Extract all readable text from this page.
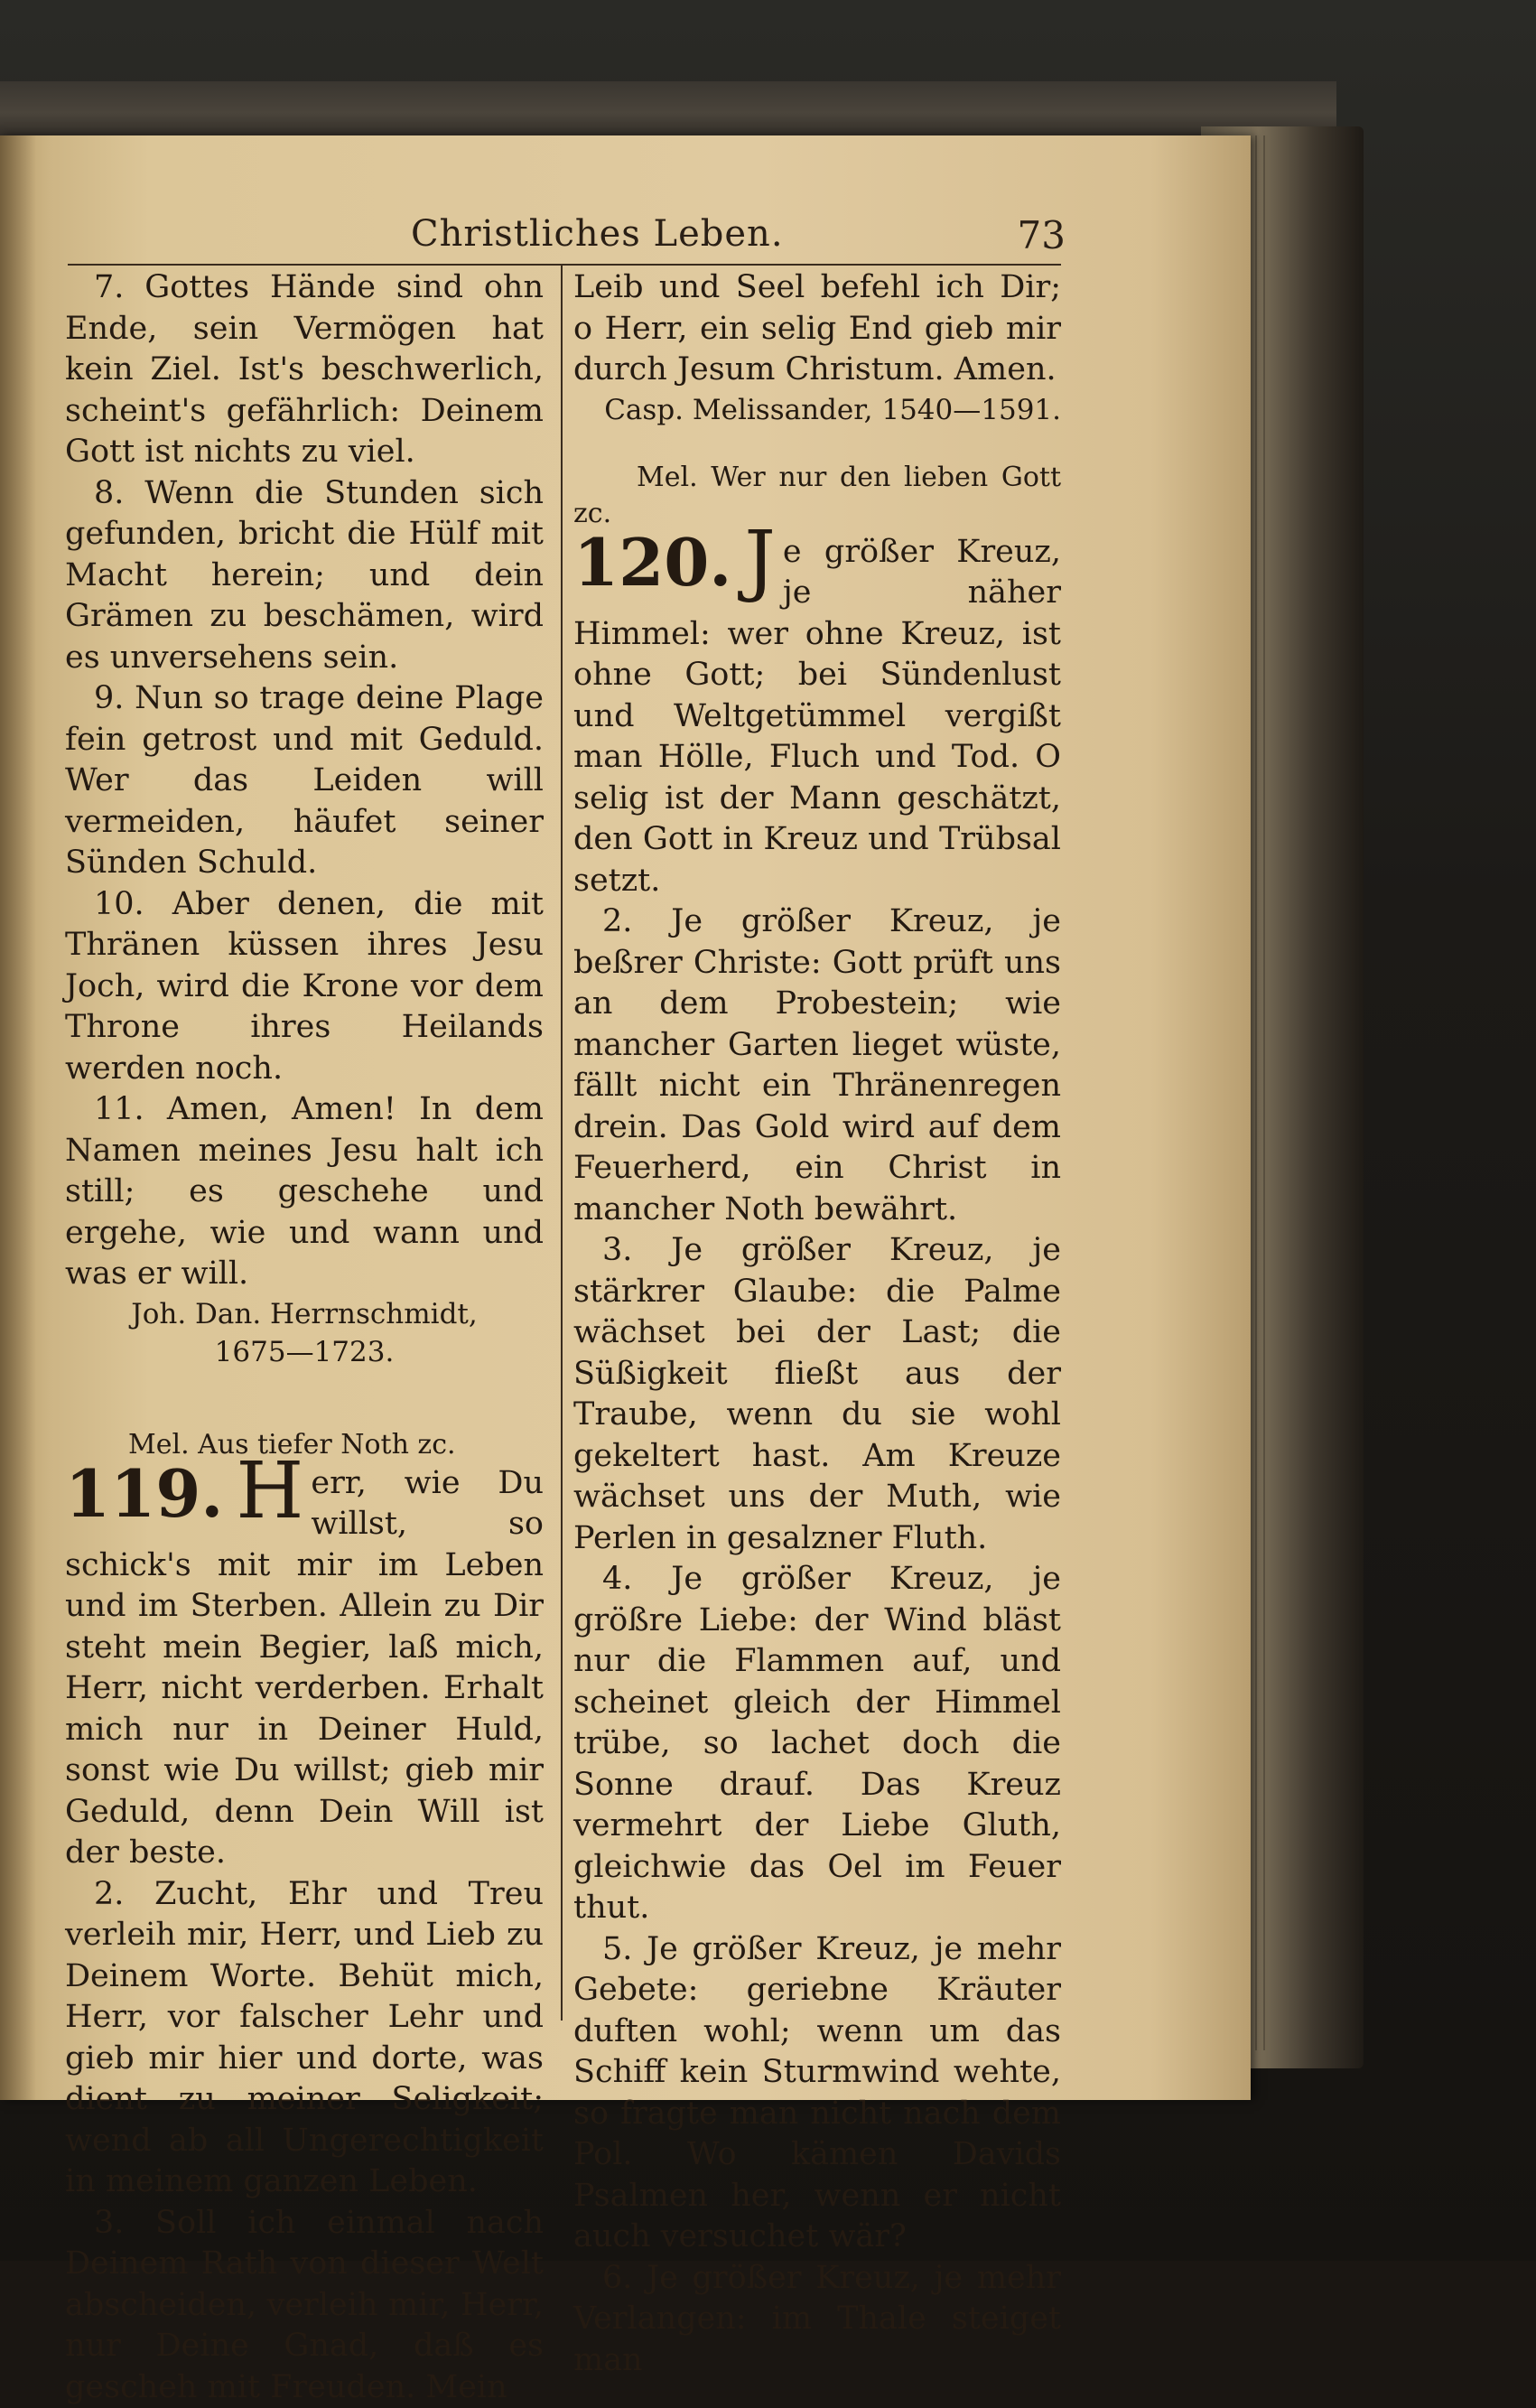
Christliches Leben.	73

7. Gottes Hände sind ohn Ende, sein Vermögen hat kein Ziel. Ist's beschwerlich, scheint's gefährlich: Deinem Gott ist nichts zu viel.

8. Wenn die Stunden sich gefunden, bricht die Hülf mit Macht herein; und dein Grämen zu beschämen, wird es unversehens sein.

9. Nun so trage deine Plage fein getrost und mit Geduld. Wer das Leiden will vermeiden, häufet seiner Sünden Schuld.

10. Aber denen, die mit Thränen küssen ihres Jesu Joch, wird die Krone vor dem Throne ihres Heilands werden noch.

11. Amen, Amen! In dem Namen meines Jesu halt ich still; es geschehe und ergehe, wie und wann und was er will.

Joh. Dan. Herrnschmidt,

1675—1723.

Mel. Aus tiefer Noth zc.

119. H err, wie Du willst, so schick's mit mir im Leben und im Sterben. Allein zu Dir steht mein Begier, laß mich, Herr, nicht verderben. Erhalt mich nur in Deiner Huld, sonst wie Du willst; gieb mir Geduld, denn Dein Will ist der beste.

2. Zucht, Ehr und Treu verleih mir, Herr, und Lieb zu Deinem Worte. Behüt mich, Herr, vor falscher Lehr und gieb mir hier und dorte, was dient zu meiner Seligkeit; wend ab all Ungerechtigkeit in meinem ganzen Leben.

3. Soll ich einmal nach Deinem Rath von dieser Welt abscheiden, verleih mir, Herr, nur Deine Gnad, daß es gescheh mit Freuden. Mein

Leib und Seel befehl ich Dir; o Herr, ein selig End gieb mir durch Jesum Christum. Amen.

Casp. Melissander, 1540—1591.

Mel. Wer nur den lieben Gott zc.

120. J e größer Kreuz, je näher Himmel: wer ohne Kreuz, ist ohne Gott; bei Sündenlust und Weltgetümmel vergißt man Hölle, Fluch und Tod. O selig ist der Mann geschätzt, den Gott in Kreuz und Trübsal setzt.

2. Je größer Kreuz, je beßrer Christe: Gott prüft uns an dem Probestein; wie mancher Garten lieget wüste, fällt nicht ein Thränenregen drein. Das Gold wird auf dem Feuerherd, ein Christ in mancher Noth bewährt.

3. Je größer Kreuz, je stärkrer Glaube: die Palme wächset bei der Last; die Süßigkeit fließt aus der Traube, wenn du sie wohl gekeltert hast. Am Kreuze wächset uns der Muth, wie Perlen in gesalzner Fluth.

4. Je größer Kreuz, je größre Liebe: der Wind bläst nur die Flammen auf, und scheinet gleich der Himmel trübe, so lachet doch die Sonne drauf. Das Kreuz vermehrt der Liebe Gluth, gleichwie das Oel im Feuer thut.

5. Je größer Kreuz, je mehr Gebete: geriebne Kräuter duften wohl; wenn um das Schiff kein Sturmwind wehte, so fragte man nicht nach dem Pol. Wo kämen Davids Psalmen her, wenn er nicht auch versuchet wär?

6. Je größer Kreuz, je mehr Verlangen: im Thale steiget man
